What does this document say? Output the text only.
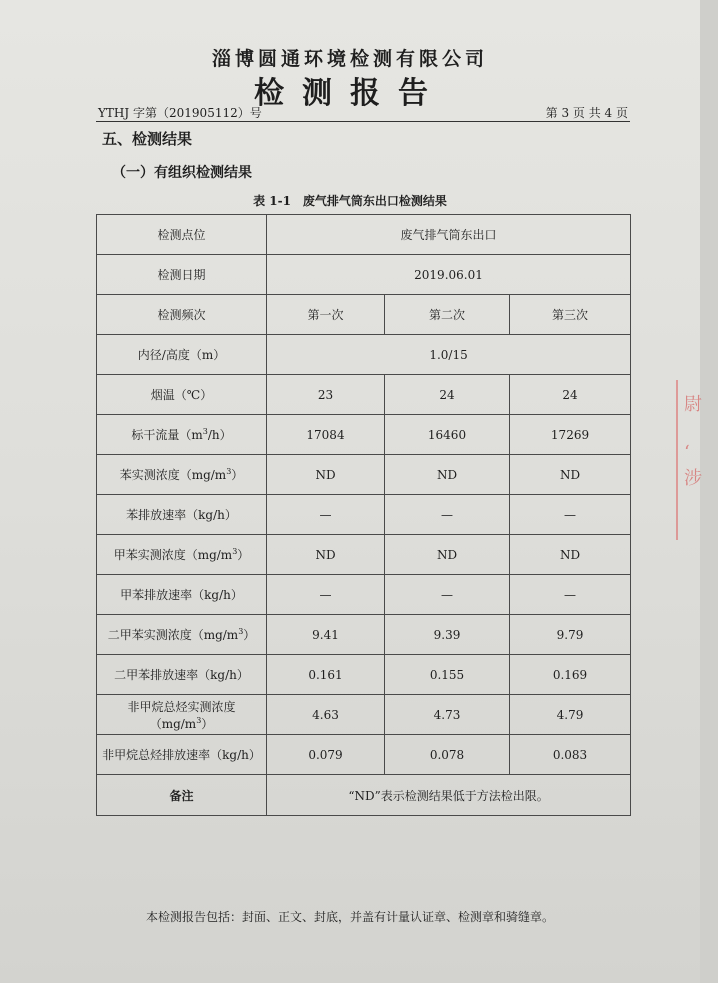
淄博圆通环境检测有限公司
检测报告
YTHJ 字第（201905112）号	第 3 页 共 4 页
五、检测结果
（一）有组织检测结果
表 1-1　废气排气筒东出口检测结果
检测点位	废气排气筒东出口		
检测日期	2019.06.01		
检测频次	第一次	第二次	第三次
内径/高度（m）	1.0/15		
烟温（℃）	23	24	24
标干流量$(m^3/h)$	17084	16460	17269
苯实测浓度$(mg/m^3)$	ND	ND	ND
苯排放速率（kg/h）	—	—	—
甲苯实测浓度$(mg/m^3)$	ND	ND	ND
甲苯排放速率（kg/h）	—	—	—
二甲苯实测浓度$(mg/m^3)$	9.41	9.39	9.79
二甲苯排放速率（kg/h）	0.161	0.155	0.169
非甲烷总烃实测浓度$(mg/m^3)$	4.63	4.73	4.79
非甲烷总烃排放速率（kg/h）	0.079	0.078	0.083
备注	“ND”表示检测结果低于方法检出限。		
本检测报告包括：封面、正文、封底，并盖有计量认证章、检测章和骑缝章。
尉
‘
涉
